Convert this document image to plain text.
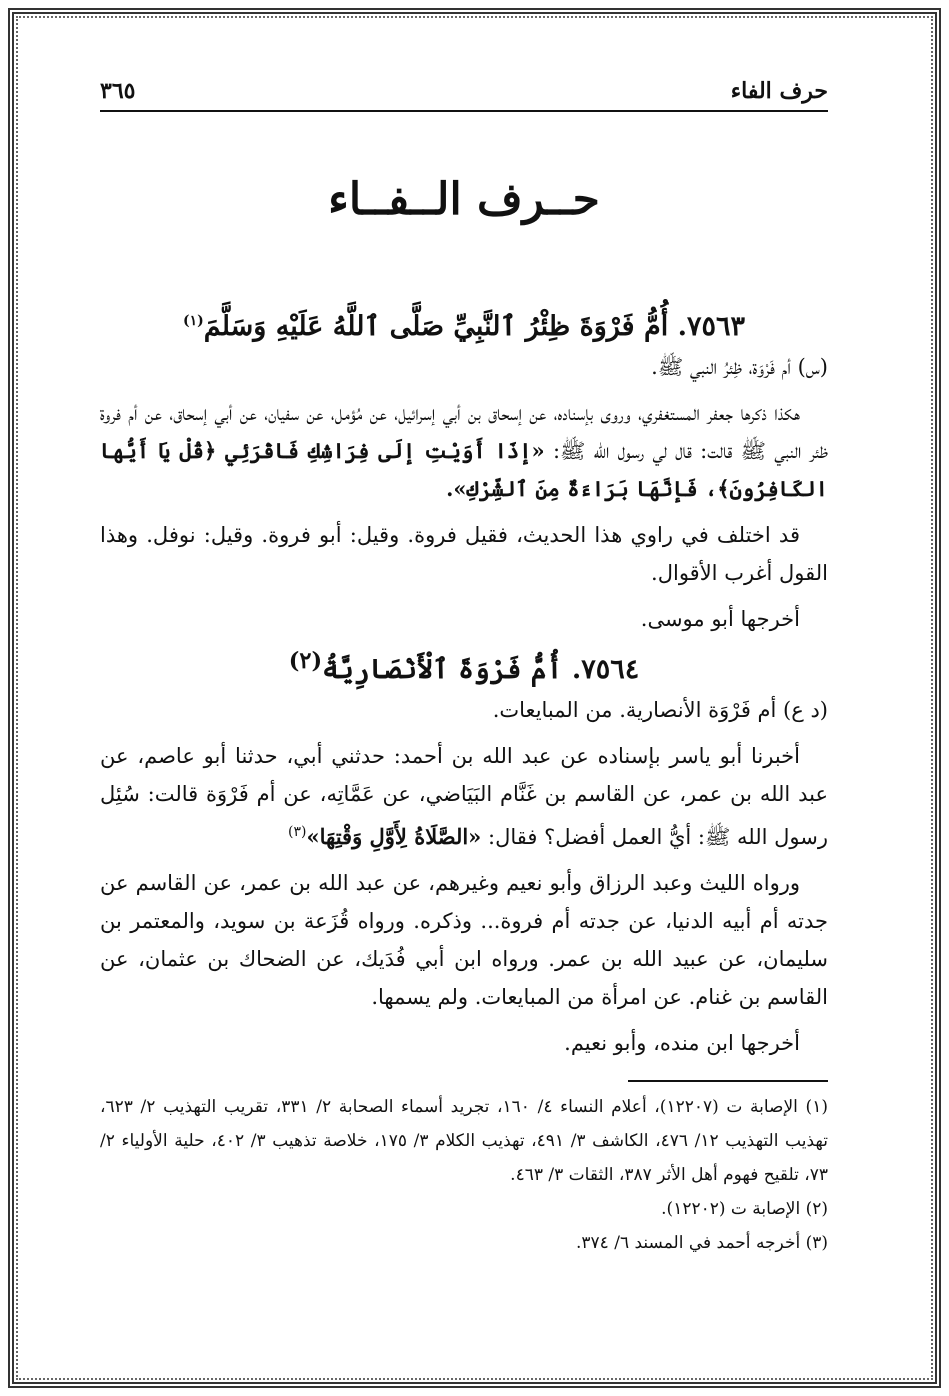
حرف الفاء
٣٦٥
حــرف الــفــاء
٧٥٦٣. أُمُّ فَرْوَةَ ظِئْرُ ٱلنَّبِيِّ صَلَّى ٱللَّهُ عَلَيْهِ وَسَلَّمَ$^{(١)}$

(س) أم فَرْوَة، ظِئرُ النبي ﷺ.

هكذا ذكرها جعفر المستغفري، وروى بإسناده، عن إسحاق بن أبي إسرائيل، عن مُؤمل، عن سفيان، عن أبي إسحاق، عن أم فروة ظئر النبي ﷺ قالت: قال لي رسول الله ﷺ: «إذَا أَوَيْتِ إلَى فِرَاشِكِ فَاقْرَئِي ﴿قُلْ يَا أَيُّها الكَافِرُونَ﴾، فَإنَّهَا بَرَاءَةٌ مِنَ ٱلشِّرْكِ».

قد اختلف في راوي هذا الحديث، فقيل فروة. وقيل: أبو فروة. وقيل: نوفل. وهذا القول أغرب الأقوال.

أخرجها أبو موسى.

٧٥٦٤. أُمُّ فَرْوَةَ ٱلْأَنْصَارِيَّةُ$^{(٢)}$

(د ع) أم فَرْوَة الأنصارية. من المبايعات.

أخبرنا أبو ياسر بإسناده عن عبد الله بن أحمد: حدثني أبي، حدثنا أبو عاصم، عن عبد الله بن عمر، عن القاسم بن غَنَّام البَيَاضي، عن عَمَّاتِه، عن أم فَرْوَة قالت: سُئِل رسول الله ﷺ: أيُّ العمل أفضل؟ فقال: «الصَّلَاةُ لِأَوَّلِ وَقْتِهَا»$^{(٣)}$

ورواه الليث وعبد الرزاق وأبو نعيم وغيرهم، عن عبد الله بن عمر، عن القاسم عن جدته أم أبيه الدنيا، عن جدته أم فروة... وذكره. ورواه قُزَعة بن سويد، والمعتمر بن سليمان، عن عبيد الله بن عمر. ورواه ابن أبي فُدَيك، عن الضحاك بن عثمان، عن القاسم بن غنام. عن امرأة من المبايعات. ولم يسمها.

أخرجها ابن منده، وأبو نعيم.

(١) الإصابة ت (١٢٢٠٧)، أعلام النساء ٤/ ١٦٠، تجريد أسماء الصحابة ٢/ ٣٣١، تقريب التهذيب ٢/ ٦٢٣، تهذيب التهذيب ١٢/ ٤٧٦، الكاشف ٣/ ٤٩١، تهذيب الكلام ٣/ ١٧٥، خلاصة تذهيب ٣/ ٤٠٢، حلية الأولياء ٢/ ٧٣، تلقيح فهوم أهل الأثر ٣٨٧، الثقات ٣/ ٤٦٣.

(٢) الإصابة ت (١٢٢٠٢).

(٣) أخرجه أحمد في المسند ٦/ ٣٧٤.
